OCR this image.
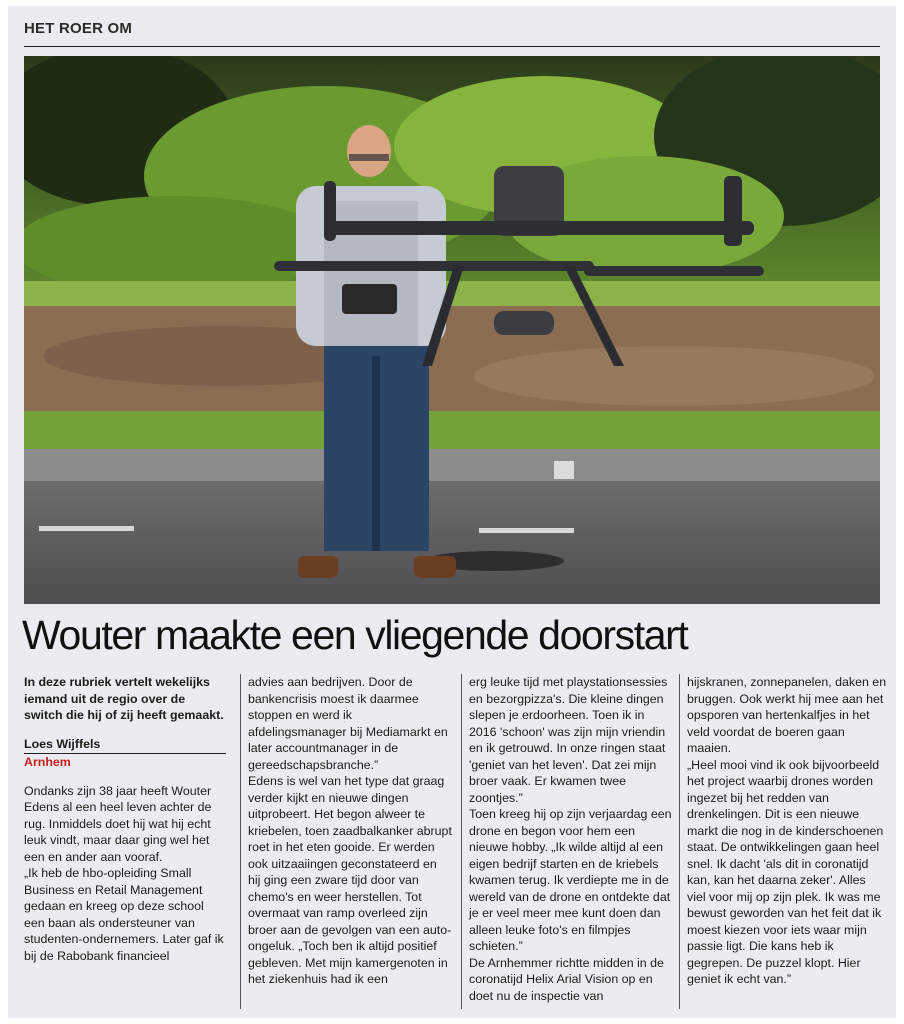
HET ROER OM
Wouter maakte een vliegende doorstart

In deze rubriek vertelt wekelijks iemand uit de regio over de switch die hij of zij heeft gemaakt.

Loes Wijffels

Arnhem

Ondanks zijn 38 jaar heeft Wouter Edens al een heel leven achter de rug. Inmiddels doet hij wat hij echt leuk vindt, maar daar ging wel het een en ander aan vooraf.

„Ik heb de hbo-opleiding Small Business en Retail Management gedaan en kreeg op deze school een baan als ondersteuner van studenten-ondernemers. Later gaf ik bij de Rabobank financieel

advies aan bedrijven. Door de bankencrisis moest ik daarmee stoppen en werd ik afdelingsmanager bij Mediamarkt en later accountmanager in de gereedschapsbranche.”

Edens is wel van het type dat graag verder kijkt en nieuwe dingen uitprobeert. Het begon alweer te kriebelen, toen zaadbalkanker abrupt roet in het eten gooide. Er werden ook uitzaaiingen geconstateerd en hij ging een zware tijd door van chemo's en weer herstellen. Tot overmaat van ramp overleed zijn broer aan de gevolgen van een auto-ongeluk. „Toch ben ik altijd positief gebleven. Met mijn kamergenoten in het ziekenhuis had ik een

erg leuke tijd met playstationsessies en bezorgpizza's. Die kleine dingen slepen je erdoorheen. Toen ik in 2016 'schoon' was zijn mijn vriendin en ik getrouwd. In onze ringen staat 'geniet van het leven'. Dat zei mijn broer vaak. Er kwamen twee zoontjes.”

Toen kreeg hij op zijn verjaardag een drone en begon voor hem een nieuwe hobby. „Ik wilde altijd al een eigen bedrijf starten en de kriebels kwamen terug. Ik verdiepte me in de wereld van de drone en ontdekte dat je er veel meer mee kunt doen dan alleen leuke foto's en filmpjes schieten.”

De Arnhemmer richtte midden in de coronatijd Helix Arial Vision op en doet nu de inspectie van

hijskranen, zonnepanelen, daken en bruggen. Ook werkt hij mee aan het opsporen van hertenkalfjes in het veld voordat de boeren gaan maaien.

„Heel mooi vind ik ook bijvoorbeeld het project waarbij drones worden ingezet bij het redden van drenkelingen. Dit is een nieuwe markt die nog in de kinderschoenen staat. De ontwikkelingen gaan heel snel. Ik dacht 'als dit in coronatijd kan, kan het daarna zeker'. Alles viel voor mij op zijn plek. Ik was me bewust geworden van het feit dat ik moest kiezen voor iets waar mijn passie ligt. Die kans heb ik gegrepen. De puzzel klopt. Hier geniet ik echt van.”
